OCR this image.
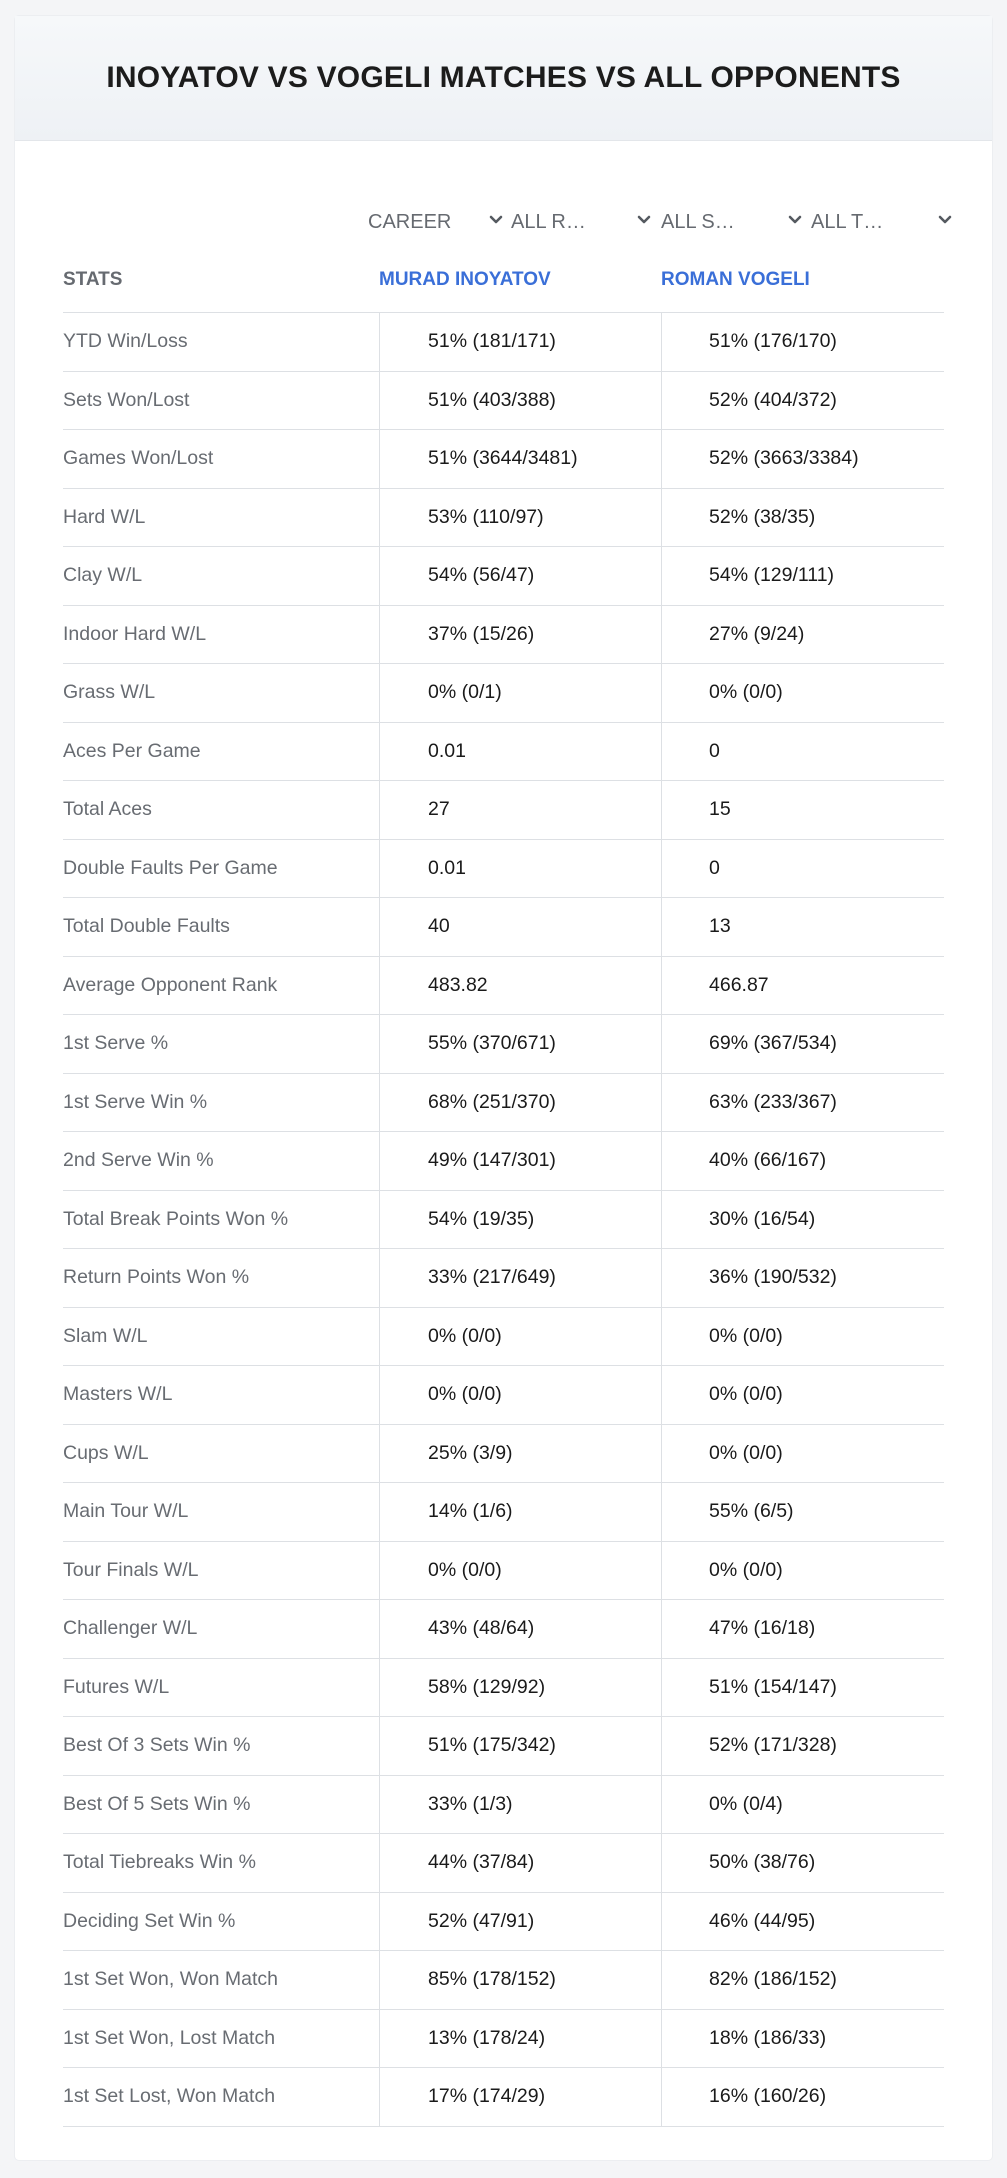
INOYATOV VS VOGELI MATCHES VS ALL OPPONENTS
CAREER	ALL R…	ALL S…	ALL T…
STATS	MURAD INOYATOV	ROMAN VOGELI
YTD Win/Loss	51% (181/171)	51% (176/170)
Sets Won/Lost	51% (403/388)	52% (404/372)
Games Won/Lost	51% (3644/3481)	52% (3663/3384)
Hard W/L	53% (110/97)	52% (38/35)
Clay W/L	54% (56/47)	54% (129/111)
Indoor Hard W/L	37% (15/26)	27% (9/24)
Grass W/L	0% (0/1)	0% (0/0)
Aces Per Game	0.01	0
Total Aces	27	15
Double Faults Per Game	0.01	0
Total Double Faults	40	13
Average Opponent Rank	483.82	466.87
1st Serve %	55% (370/671)	69% (367/534)
1st Serve Win %	68% (251/370)	63% (233/367)
2nd Serve Win %	49% (147/301)	40% (66/167)
Total Break Points Won %	54% (19/35)	30% (16/54)
Return Points Won %	33% (217/649)	36% (190/532)
Slam W/L	0% (0/0)	0% (0/0)
Masters W/L	0% (0/0)	0% (0/0)
Cups W/L	25% (3/9)	0% (0/0)
Main Tour W/L	14% (1/6)	55% (6/5)
Tour Finals W/L	0% (0/0)	0% (0/0)
Challenger W/L	43% (48/64)	47% (16/18)
Futures W/L	58% (129/92)	51% (154/147)
Best Of 3 Sets Win %	51% (175/342)	52% (171/328)
Best Of 5 Sets Win %	33% (1/3)	0% (0/4)
Total Tiebreaks Win %	44% (37/84)	50% (38/76)
Deciding Set Win %	52% (47/91)	46% (44/95)
1st Set Won, Won Match	85% (178/152)	82% (186/152)
1st Set Won, Lost Match	13% (178/24)	18% (186/33)
1st Set Lost, Won Match	17% (174/29)	16% (160/26)
